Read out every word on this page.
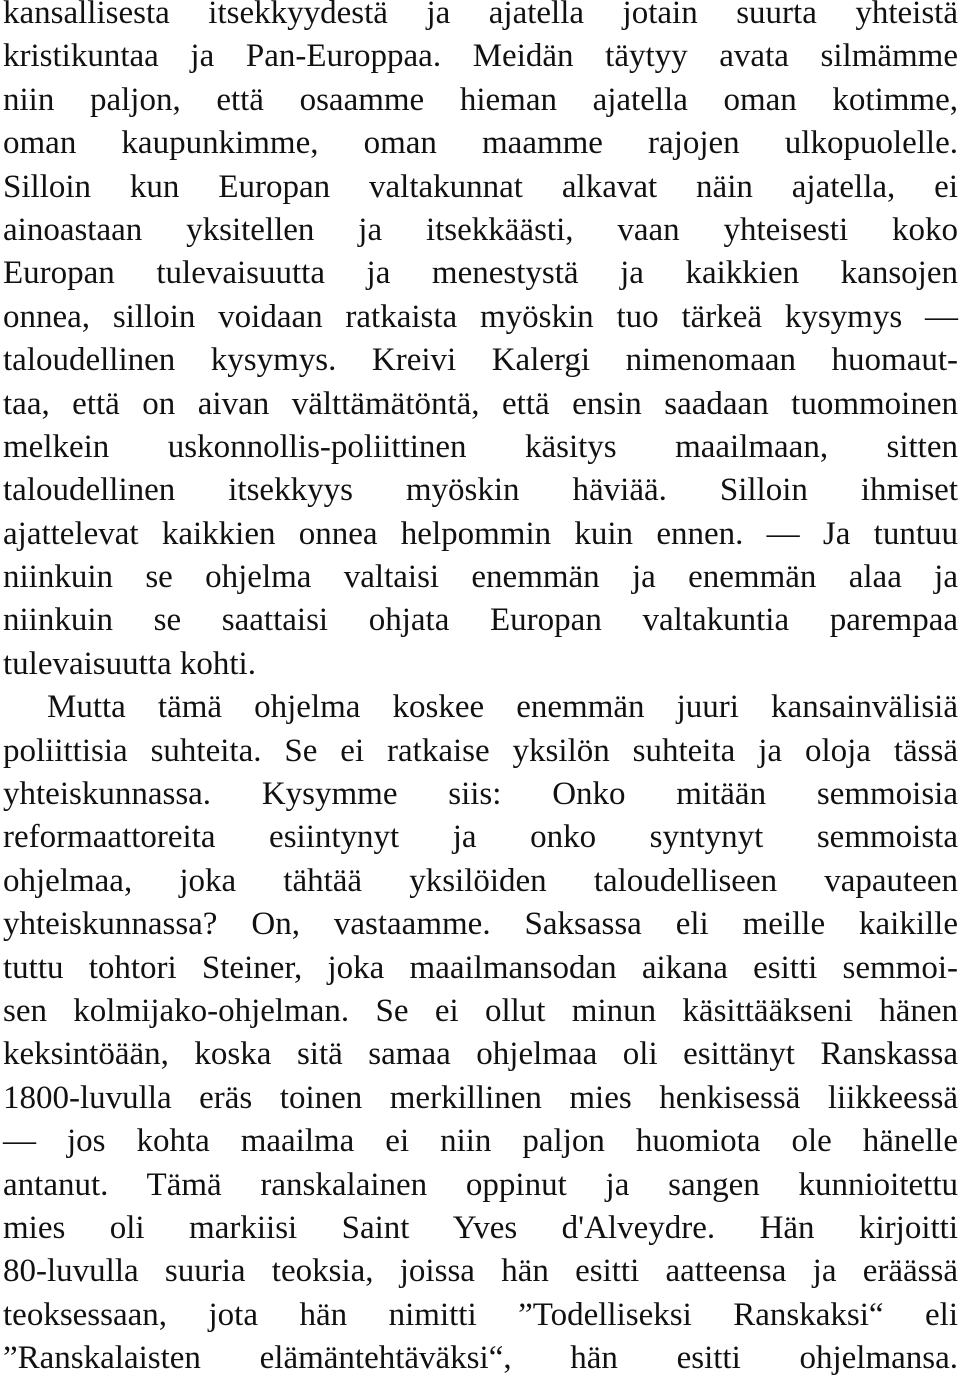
kansallisesta itsekkyydestä ja ajatella jotain suurta yhteistä
kristikuntaa ja Pan-Europpaa. Meidän täytyy avata silmämme
niin paljon, että osaamme hieman ajatella oman kotimme,
oman kaupunkimme, oman maamme rajojen ulkopuolelle.
Silloin kun Europan valtakunnat alkavat näin ajatella, ei
ainoastaan yksitellen ja itsekkäästi, vaan yhteisesti koko
Europan tulevaisuutta ja menestystä ja kaikkien kansojen
onnea, silloin voidaan ratkaista myöskin tuo tärkeä kysymys —
taloudellinen kysymys. Kreivi Kalergi nimenomaan huomaut-
taa, että on aivan välttämätöntä, että ensin saadaan tuommoinen
melkein uskonnollis-poliittinen käsitys maailmaan, sitten
taloudellinen itsekkyys myöskin häviää. Silloin ihmiset
ajattelevat kaikkien onnea helpommin kuin ennen. — Ja tuntuu
niinkuin se ohjelma valtaisi enemmän ja enemmän alaa ja
niinkuin se saattaisi ohjata Europan valtakuntia parempaa
tulevaisuutta kohti.
Mutta tämä ohjelma koskee enemmän juuri kansainvälisiä
poliittisia suhteita. Se ei ratkaise yksilön suhteita ja oloja tässä
yhteiskunnassa. Kysymme siis: Onko mitään semmoisia
reformaattoreita esiintynyt ja onko syntynyt semmoista
ohjelmaa, joka tähtää yksilöiden taloudelliseen vapauteen
yhteiskunnassa? On, vastaamme. Saksassa eli meille kaikille
tuttu tohtori Steiner, joka maailmansodan aikana esitti semmoi-
sen kolmijako-ohjelman. Se ei ollut minun käsittääkseni hänen
keksintöään, koska sitä samaa ohjelmaa oli esittänyt Ranskassa
1800-luvulla eräs toinen merkillinen mies henkisessä liikkeessä
— jos kohta maailma ei niin paljon huomiota ole hänelle
antanut. Tämä ranskalainen oppinut ja sangen kunnioitettu
mies oli markiisi Saint Yves d'Alveydre. Hän kirjoitti
80-luvulla suuria teoksia, joissa hän esitti aatteensa ja eräässä
teoksessaan, jota hän nimitti ”Todelliseksi Ranskaksi“ eli
”Ranskalaisten elämäntehtäväksi“, hän esitti ohjelmansa.
